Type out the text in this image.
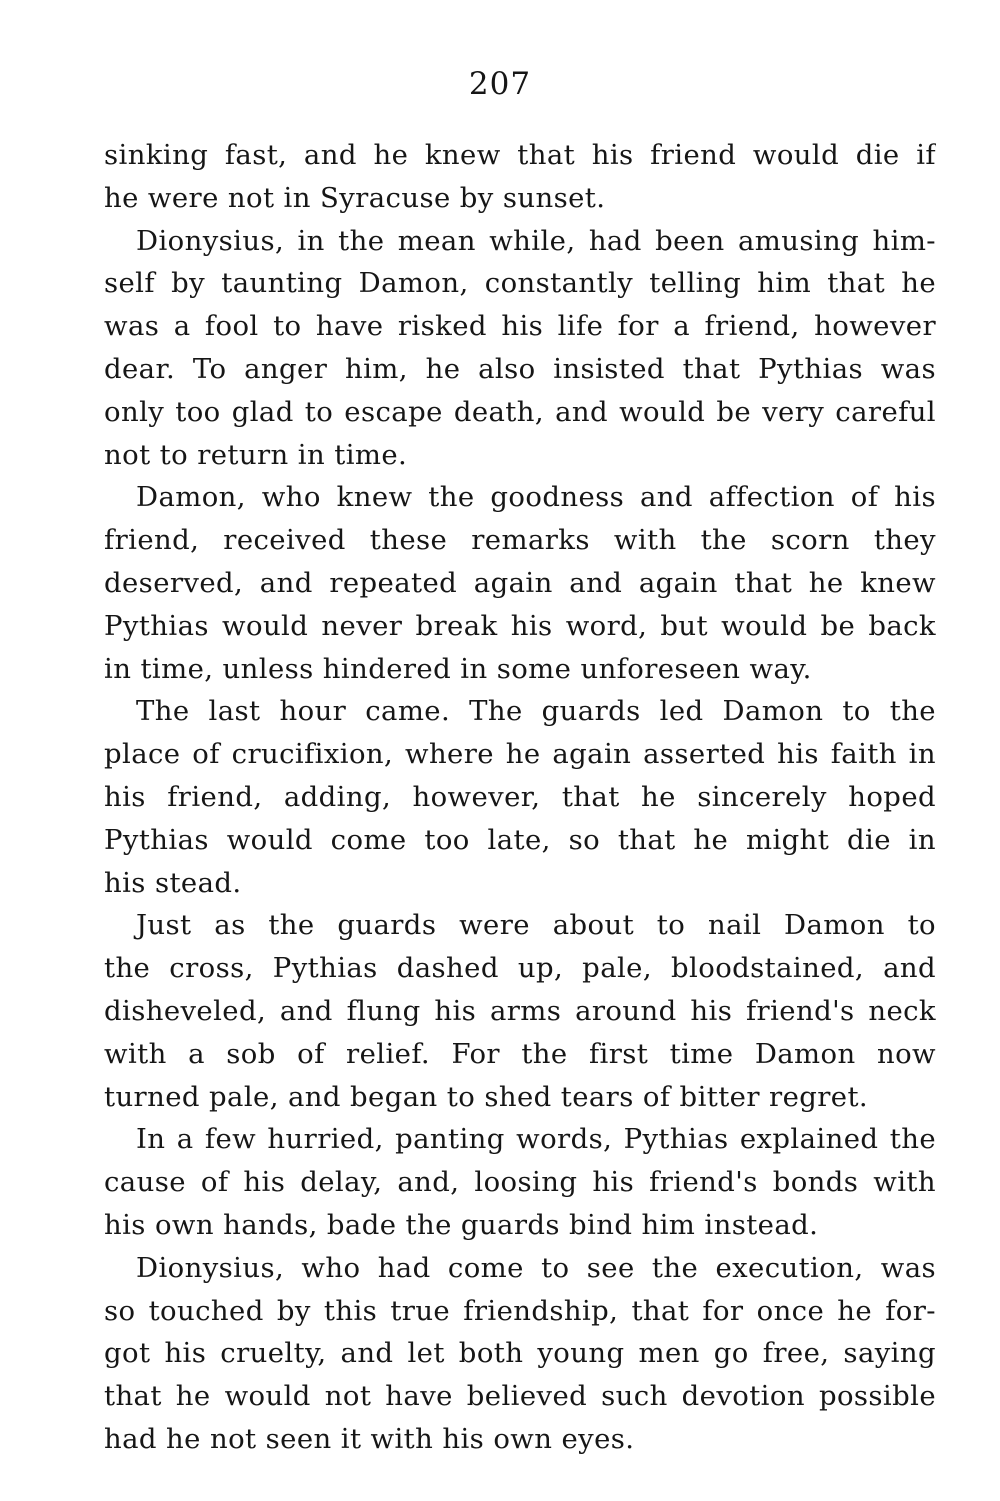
207
sinking fast, and he knew that his friend would die if
he were not in Syracuse by sunset.
Dionysius, in the mean while, had been amusing him-
self by taunting Damon, constantly telling him that he
was a fool to have risked his life for a friend, however
dear. To anger him, he also insisted that Pythias was
only too glad to escape death, and would be very careful
not to return in time.
Damon, who knew the goodness and affection of his
friend, received these remarks with the scorn they
deserved, and repeated again and again that he knew
Pythias would never break his word, but would be back
in time, unless hindered in some unforeseen way.
The last hour came. The guards led Damon to the
place of crucifixion, where he again asserted his faith in
his friend, adding, however, that he sincerely hoped
Pythias would come too late, so that he might die in
his stead.
Just as the guards were about to nail Damon to
the cross, Pythias dashed up, pale, bloodstained, and
disheveled, and flung his arms around his friend's neck
with a sob of relief. For the first time Damon now
turned pale, and began to shed tears of bitter regret.
In a few hurried, panting words, Pythias explained the
cause of his delay, and, loosing his friend's bonds with
his own hands, bade the guards bind him instead.
Dionysius, who had come to see the execution, was
so touched by this true friendship, that for once he for-
got his cruelty, and let both young men go free, saying
that he would not have believed such devotion possible
had he not seen it with his own eyes.
